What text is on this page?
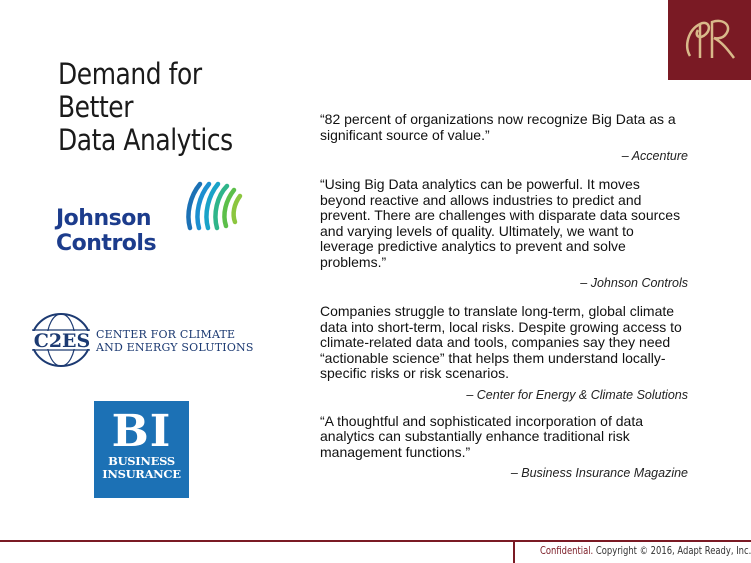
Demand for Better
Data Analytics
Johnson
Controls
C2ES CENTER FOR CLIMATE
AND ENERGY SOLUTIONS
BI
BUSINESS
INSURANCE

“82 percent of organizations now recognize Big Data as a significant source of value.”

– Accenture

“Using Big Data analytics can be powerful. It moves beyond reactive and allows industries to predict and prevent. There are challenges with disparate data sources and varying levels of quality. Ultimately, we want to leverage predictive analytics to prevent and solve problems.”

– Johnson Controls

Companies struggle to translate long-term, global climate data into short-term, local risks. Despite growing access to climate-related data and tools, companies say they need “actionable science” that helps them understand locally-specific risks or risk scenarios.

– Center for Energy & Climate Solutions

“A thoughtful and sophisticated incorporation of data analytics can substantially enhance traditional risk management functions.”

– Business Insurance Magazine

Confidential. Copyright © 2016, Adapt Ready, Inc.
